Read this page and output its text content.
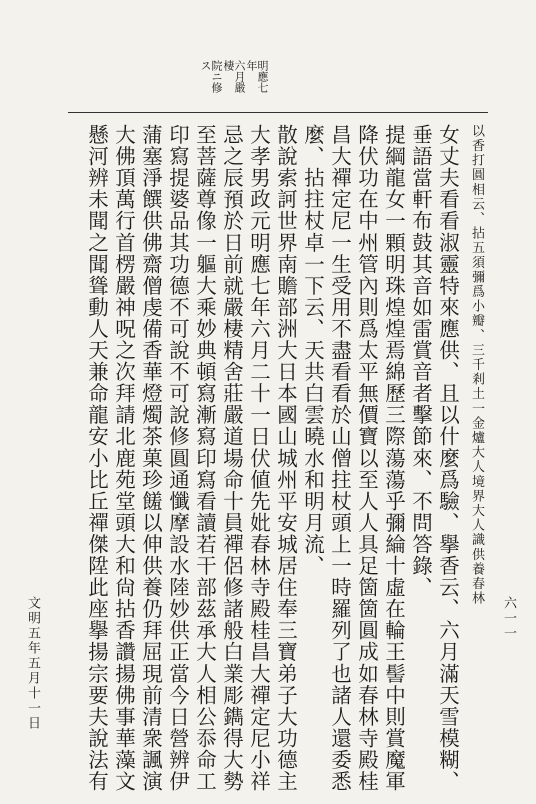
明應七年
六月嚴棲
院ニ修ス
以香打圓相云、拈五須彌爲小瓣、三千剎土一金爐大人境界大人識供養春林
女丈夫看看淑靈特來應供、且以什麼爲驗、擧香云、六月滿天雪模糊、
垂語當軒布鼓其音如雷賞音者擊節來、不問答錄、
提綱龍女一顆明珠煌煌焉綿歷三際蕩蕩乎彌綸十虛在輪王髻中則賞魔軍
降伏功在中州管內則爲太平無價寶以至人人具足箇箇圓成如春林寺殿桂
昌大禪定尼一生受用不盡看看於山僧拄杖頭上一時羅列了也諸人還委悉
麼、拈拄杖卓一下云、天共白雲曉水和明月流、
散說索訶世界南贍部洲大日本國山城州平安城居住奉三寶弟子大功德主
大孝男政元明應七年六月二十一日伏値先妣春林寺殿桂昌大禪定尼小祥
忌之辰預於日前就嚴棲精舍莊嚴道場命十員禪侶修諸般白業彫鐫得大勢
至菩薩尊像一軀大乘妙典頓寫漸寫印寫看讀若干部茲承大人相公忝命工
印寫提婆品其功德不可說不可說修圓通懺摩設水陸妙供正當今日營辨伊
蒲塞淨饌供佛齋僧虔備香華燈燭茶菓珍饈以伸供養仍拜屈現前清衆諷演
大佛頂萬行首楞嚴神呪之次拜請北鹿苑堂頭大和尙拈香讚揚佛事華藻文
懸河辨未聞之聞聳動人天兼命龍安小比丘禪傑陞此座擧揚宗要夫說法有
文明五年五月十一日	六一一
